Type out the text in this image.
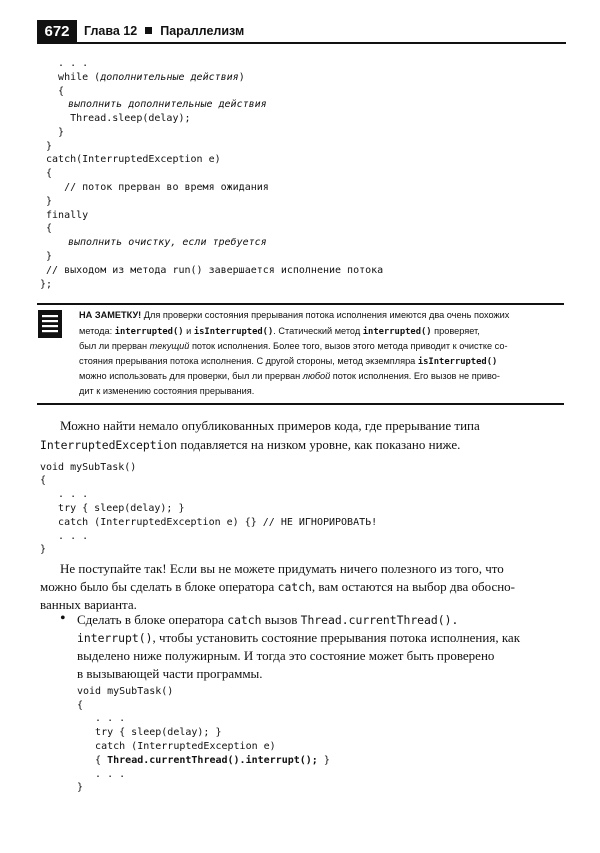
672	Глава 12 Параллелизм
. . .
while (дополнительные действия)
{
выполнить дополнительные действия
Thread.sleep(delay);
}
}
catch(InterruptedException e)
{
// поток прерван во время ожидания
}
finally
{
выполнить очистку, если требуется
}
// выходом из метода run() завершается исполнение потока
};
НА ЗАМЕТКУ! Для проверки состояния прерывания потока исполнения имеются два очень похожих
метода: interrupted() и isInterrupted(). Статический метод interrupted() проверяет,
был ли прерван текущий поток исполнения. Более того, вызов этого метода приводит к очистке со-
стояния прерывания потока исполнения. С другой стороны, метод экземпляра isInterrupted()
можно использовать для проверки, был ли прерван любой поток исполнения. Его вызов не приво-
дит к изменению состояния прерывания.
Можно найти немало опубликованных примеров кода, где прерывание типа
InterruptedException подавляется на низком уровне, как показано ниже.
void mySubTask()
{
. . .
try { sleep(delay); }
catch (InterruptedException e) {} // НЕ ИГНОРИРОВАТЬ!
. . .
}
Не поступайте так! Если вы не можете придумать ничего полезного из того, что
можно было бы сделать в блоке оператора catch, вам остаются на выбор два обосно-
ванных варианта.
• Сделать в блоке оператора catch вызов Thread.currentThread().
interrupt(), чтобы установить состояние прерывания потока исполнения, как
выделено ниже полужирным. И тогда это состояние может быть проверено
в вызывающей части программы.
void mySubTask()
{
. . .
try { sleep(delay); }
catch (InterruptedException e)
{ Thread.currentThread().interrupt(); }
. . .
}
